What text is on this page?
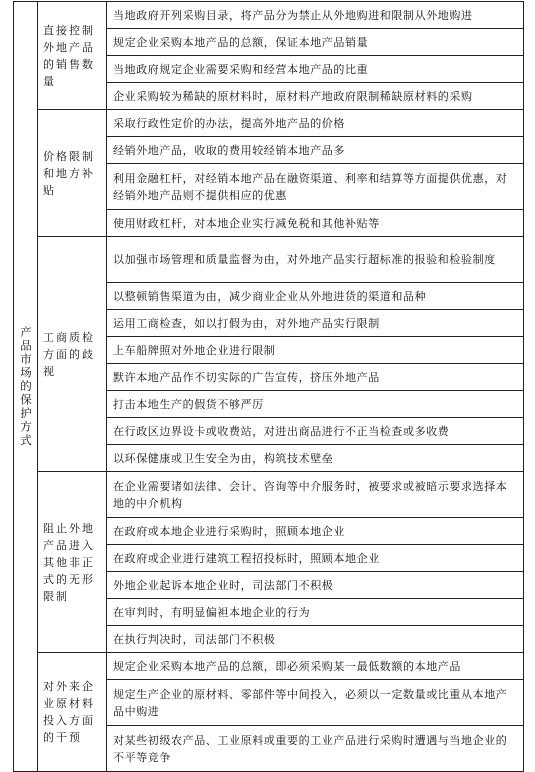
产品市场的保护方式	直接控制外地产品的销售数量	当地政府开列采购目录，将产品分为禁止从外地购进和限制从外地购进
		规定企业采购本地产品的总额，保证本地产品销量
		当地政府规定企业需要采购和经营本地产品的比重
		企业采购较为稀缺的原材料时，原材料产地政府限制稀缺原材料的采购
	价格限制和地方补贴	采取行政性定价的办法，提高外地产品的价格
		经销外地产品，收取的费用较经销本地产品多
		利用金融杠杆，对经销本地产品在融资渠道、利率和结算等方面提供优惠，对经销外地产品则不提供相应的优惠
		使用财政杠杆，对本地企业实行减免税和其他补贴等
	工商质检方面的歧视	以加强市场管理和质量监督为由，对外地产品实行超标准的报验和检验制度
		以整顿销售渠道为由，减少商业企业从外地进货的渠道和品种
		运用工商检查，如以打假为由，对外地产品实行限制
		上车船牌照对外地企业进行限制
		默许本地产品作不切实际的广告宣传，挤压外地产品
		打击本地生产的假货不够严厉
		在行政区边界设卡或收费站，对进出商品进行不正当检查或多收费
		以环保健康或卫生安全为由，构筑技术壁垒
	阻止外地产品进入其他非正式的无形限制	在企业需要诸如法律、会计、咨询等中介服务时，被要求或被暗示要求选择本地的中介机构
		在政府或本地企业进行采购时，照顾本地企业
		在政府或企业进行建筑工程招投标时，照顾本地企业
		外地企业起诉本地企业时，司法部门不积极
		在审判时，有明显偏袒本地企业的行为
		在执行判决时，司法部门不积极
	对外来企业原材料投入方面的干预	规定企业采购本地产品的总额，即必须采购某一最低数额的本地产品
		规定生产企业的原材料、零部件等中间投入，必须以一定数量或比重从本地产品中购进
		对某些初级农产品、工业原料或重要的工业产品进行采购时遭遇与当地企业的不平等竞争
